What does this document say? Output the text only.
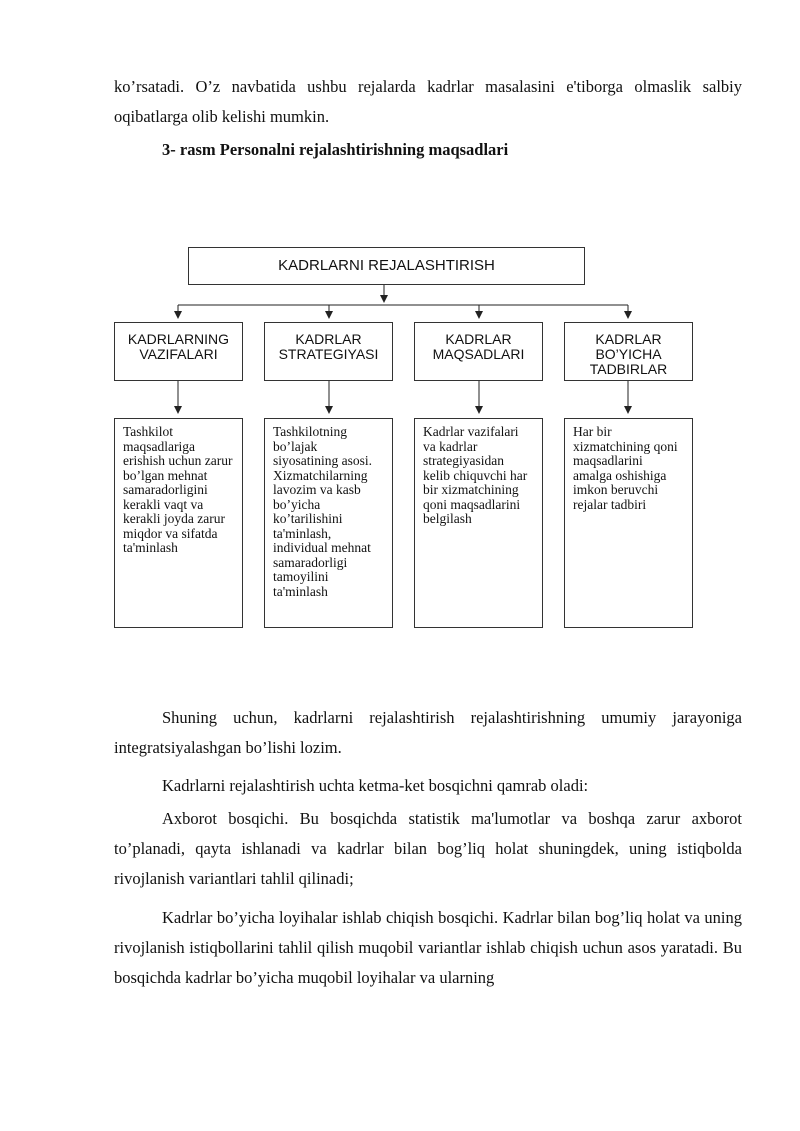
ko’rsatadi. O’z navbatida ushbu rejalarda kadrlar masalasini e'tiborga olmaslik salbiy oqibatlarga olib kelishi mumkin.

3- rasm Personalni rejalashtirishning maqsadlari

KADRLARNI REJALASHTIRISH
KADRLARNING VAZIFALARI
KADRLAR STRATEGIYASI
KADRLAR MAQSADLARI
KADRLAR BO’YICHA TADBIRLAR
Tashkilot maqsadlariga erishish uchun zarur bo’lgan mehnat samaradorligini kerakli vaqt va kerakli joyda zarur miqdor va sifatda ta'minlash
Tashkilotning bo’lajak siyosatining asosi. Xizmatchilarning lavozim va kasb bo’yicha ko’tarilishini ta'minlash, individual mehnat samaradorligi tamoyilini ta'minlash
Kadrlar vazifalari va kadrlar strategiyasidan kelib chiquvchi har bir xizmatchining qoni maqsadlarini belgilash
Har bir xizmatchining qoni maqsadlarini amalga oshishiga imkon beruvchi rejalar tadbiri

Shuning uchun, kadrlarni rejalashtirish rejalashtirishning umumiy jarayoniga integratsiyalashgan bo’lishi lozim.

Kadrlarni rejalashtirish uchta ketma-ket bosqichni qamrab oladi:

Axborot bosqichi. Bu bosqichda statistik ma'lumotlar va boshqa zarur axborot to’planadi, qayta ishlanadi va kadrlar bilan bog’liq holat shuningdek, uning istiqbolda rivojlanish variantlari tahlil qilinadi;

Kadrlar bo’yicha loyihalar ishlab chiqish bosqichi. Kadrlar bilan bog’liq holat va uning rivojlanish istiqbollarini tahlil qilish muqobil variantlar ishlab chiqish uchun asos yaratadi. Bu bosqichda kadrlar bo’yicha muqobil loyihalar va ularning
